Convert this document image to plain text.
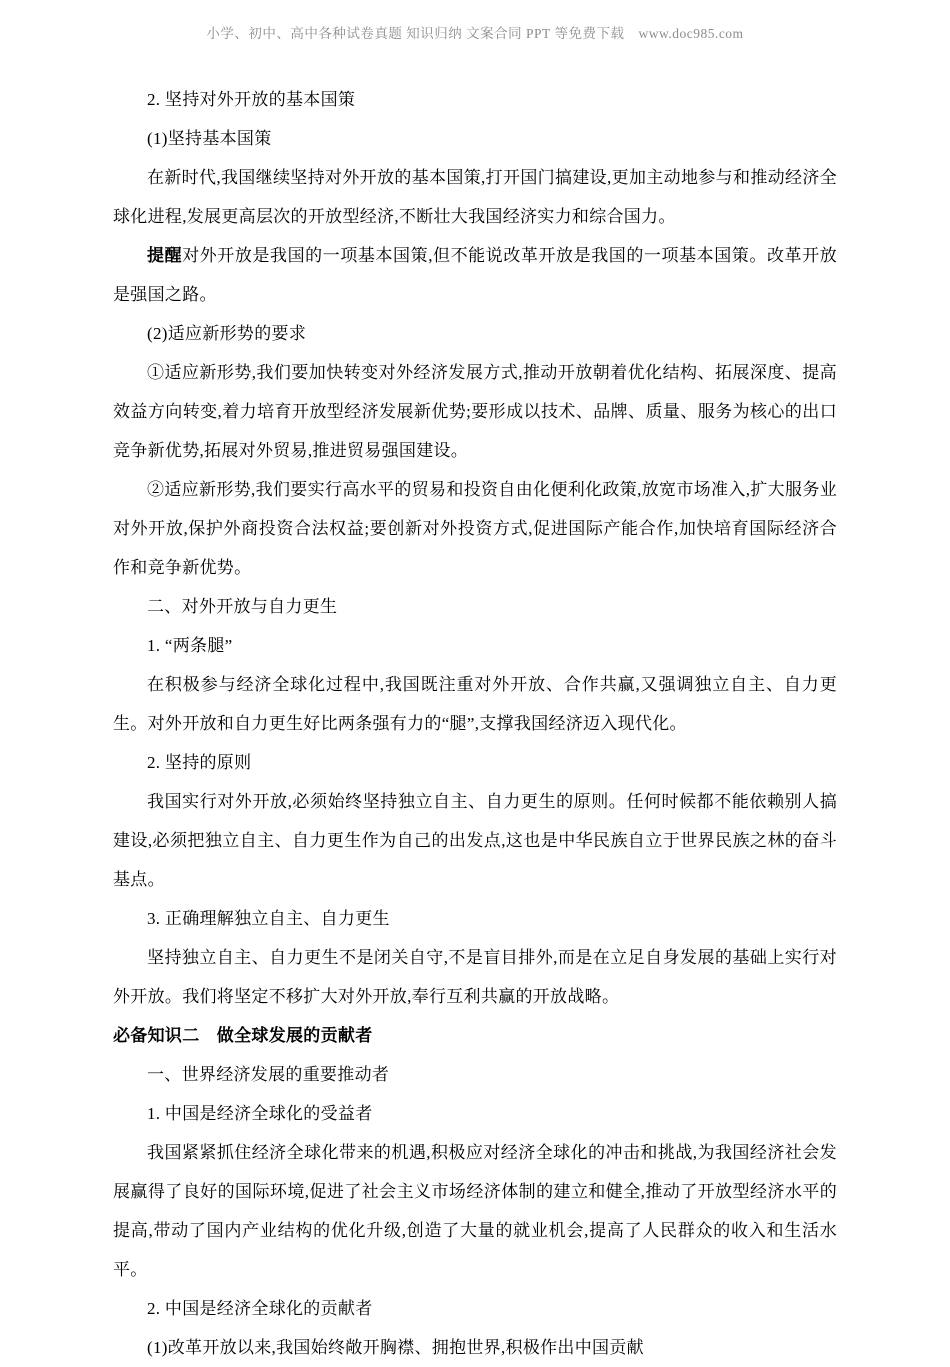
小学、初中、高中各种试卷真题 知识归纳 文案合同 PPT 等免费下载 www.doc985.com

2. 坚持对外开放的基本国策

(1)坚持基本国策

在新时代,我国继续坚持对外开放的基本国策,打开国门搞建设,更加主动地参与和推动经济全球化进程,发展更高层次的开放型经济,不断壮大我国经济实力和综合国力。

提醒对外开放是我国的一项基本国策,但不能说改革开放是我国的一项基本国策。改革开放是强国之路。

(2)适应新形势的要求

①适应新形势,我们要加快转变对外经济发展方式,推动开放朝着优化结构、拓展深度、提高效益方向转变,着力培育开放型经济发展新优势;要形成以技术、品牌、质量、服务为核心的出口竞争新优势,拓展对外贸易,推进贸易强国建设。

②适应新形势,我们要实行高水平的贸易和投资自由化便利化政策,放宽市场准入,扩大服务业对外开放,保护外商投资合法权益;要创新对外投资方式,促进国际产能合作,加快培育国际经济合作和竞争新优势。

二、对外开放与自力更生

1. “两条腿”

在积极参与经济全球化过程中,我国既注重对外开放、合作共赢,又强调独立自主、自力更生。对外开放和自力更生好比两条强有力的“腿”,支撑我国经济迈入现代化。

2. 坚持的原则

我国实行对外开放,必须始终坚持独立自主、自力更生的原则。任何时候都不能依赖别人搞建设,必须把独立自主、自力更生作为自己的出发点,这也是中华民族自立于世界民族之林的奋斗基点。

3. 正确理解独立自主、自力更生

坚持独立自主、自力更生不是闭关自守,不是盲目排外,而是在立足自身发展的基础上实行对外开放。我们将坚定不移扩大对外开放,奉行互利共赢的开放战略。

必备知识二　做全球发展的贡献者

一、世界经济发展的重要推动者

1. 中国是经济全球化的受益者

我国紧紧抓住经济全球化带来的机遇,积极应对经济全球化的冲击和挑战,为我国经济社会发展赢得了良好的国际环境,促进了社会主义市场经济体制的建立和健全,推动了开放型经济水平的提高,带动了国内产业结构的优化升级,创造了大量的就业机会,提高了人民群众的收入和生活水平。

2. 中国是经济全球化的贡献者

(1)改革开放以来,我国始终敞开胸襟、拥抱世界,积极作出中国贡献
